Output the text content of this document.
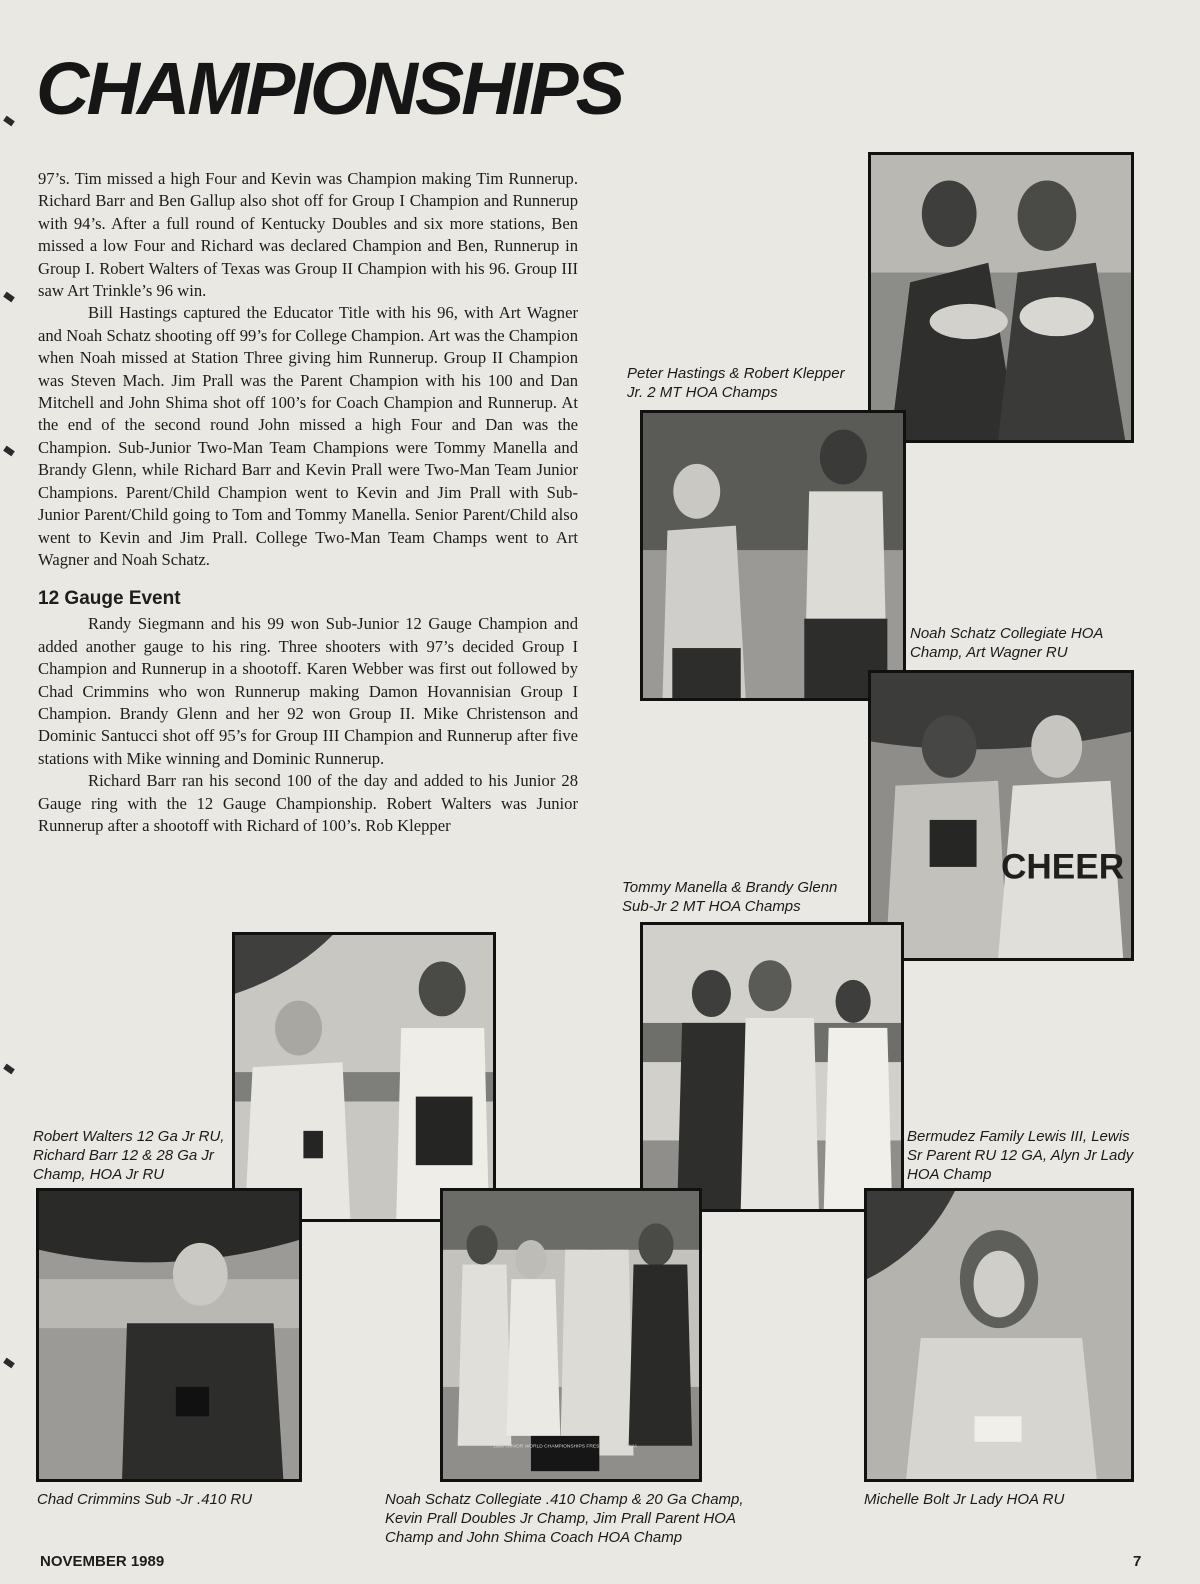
CHAMPIONSHIPS

97’s. Tim missed a high Four and Kevin was Champion making Tim Runnerup. Richard Barr and Ben Gallup also shot off for Group I Champion and Runnerup with 94’s. After a full round of Kentucky Doubles and six more stations, Ben missed a low Four and Richard was declared Champion and Ben, Runnerup in Group I. Robert Walters of Texas was Group II Champion with his 96. Group III saw Art Trinkle’s 96 win.

Bill Hastings captured the Educator Title with his 96, with Art Wagner and Noah Schatz shooting off 99’s for College Champion. Art was the Champion when Noah missed at Station Three giving him Runnerup. Group II Champion was Steven Mach. Jim Prall was the Parent Champion with his 100 and Dan Mitchell and John Shima shot off 100’s for Coach Champion and Runnerup. At the end of the second round John missed a high Four and Dan was the Champion. Sub-Junior Two-Man Team Champions were Tommy Manella and Brandy Glenn, while Richard Barr and Kevin Prall were Two-Man Team Junior Champions. Parent/Child Champion went to Kevin and Jim Prall with Sub-Junior Parent/Child going to Tom and Tommy Manella. Senior Parent/Child also went to Kevin and Jim Prall. College Two-Man Team Champs went to Art Wagner and Noah Schatz.

12 Gauge Event

Randy Siegmann and his 99 won Sub-Junior 12 Gauge Champion and added another gauge to his ring. Three shooters with 97’s decided Group I Champion and Runnerup in a shootoff. Karen Webber was first out followed by Chad Crimmins who won Runnerup making Damon Hovannisian Group I Champion. Brandy Glenn and her 92 won Group II. Mike Christenson and Dominic Santucci shot off 95’s for Group III Champion and Runnerup after five stations with Mike winning and Dominic Runnerup.

Richard Barr ran his second 100 of the day and added to his Junior 28 Gauge ring with the 12 Gauge Championship. Robert Walters was Junior Runnerup after a shootoff with Richard of 100’s. Rob Klepper

Peter Hastings & Robert Klepper Jr. 2 MT HOA Champs
Noah Schatz Collegiate HOA Champ, Art Wagner RU
CHEER
Tommy Manella & Brandy Glenn Sub-Jr 2 MT HOA Champs
Robert Walters 12 Ga Jr RU, Richard Barr 12 & 28 Ga Jr Champ, HOA Jr RU
Bermudez Family Lewis III, Lewis Sr Parent RU 12 GA, Alyn Jr Lady HOA Champ
Chad Crimmins Sub -Jr .410 RU
1989 JUNIOR WORLD CHAMPIONSHIPS FRESNO CALIFORNIA
Noah Schatz Collegiate .410 Champ & 20 Ga Champ, Kevin Prall Doubles Jr Champ, Jim Prall Parent HOA Champ and John Shima Coach HOA Champ
Michelle Bolt Jr Lady HOA RU
NOVEMBER 1989	7
